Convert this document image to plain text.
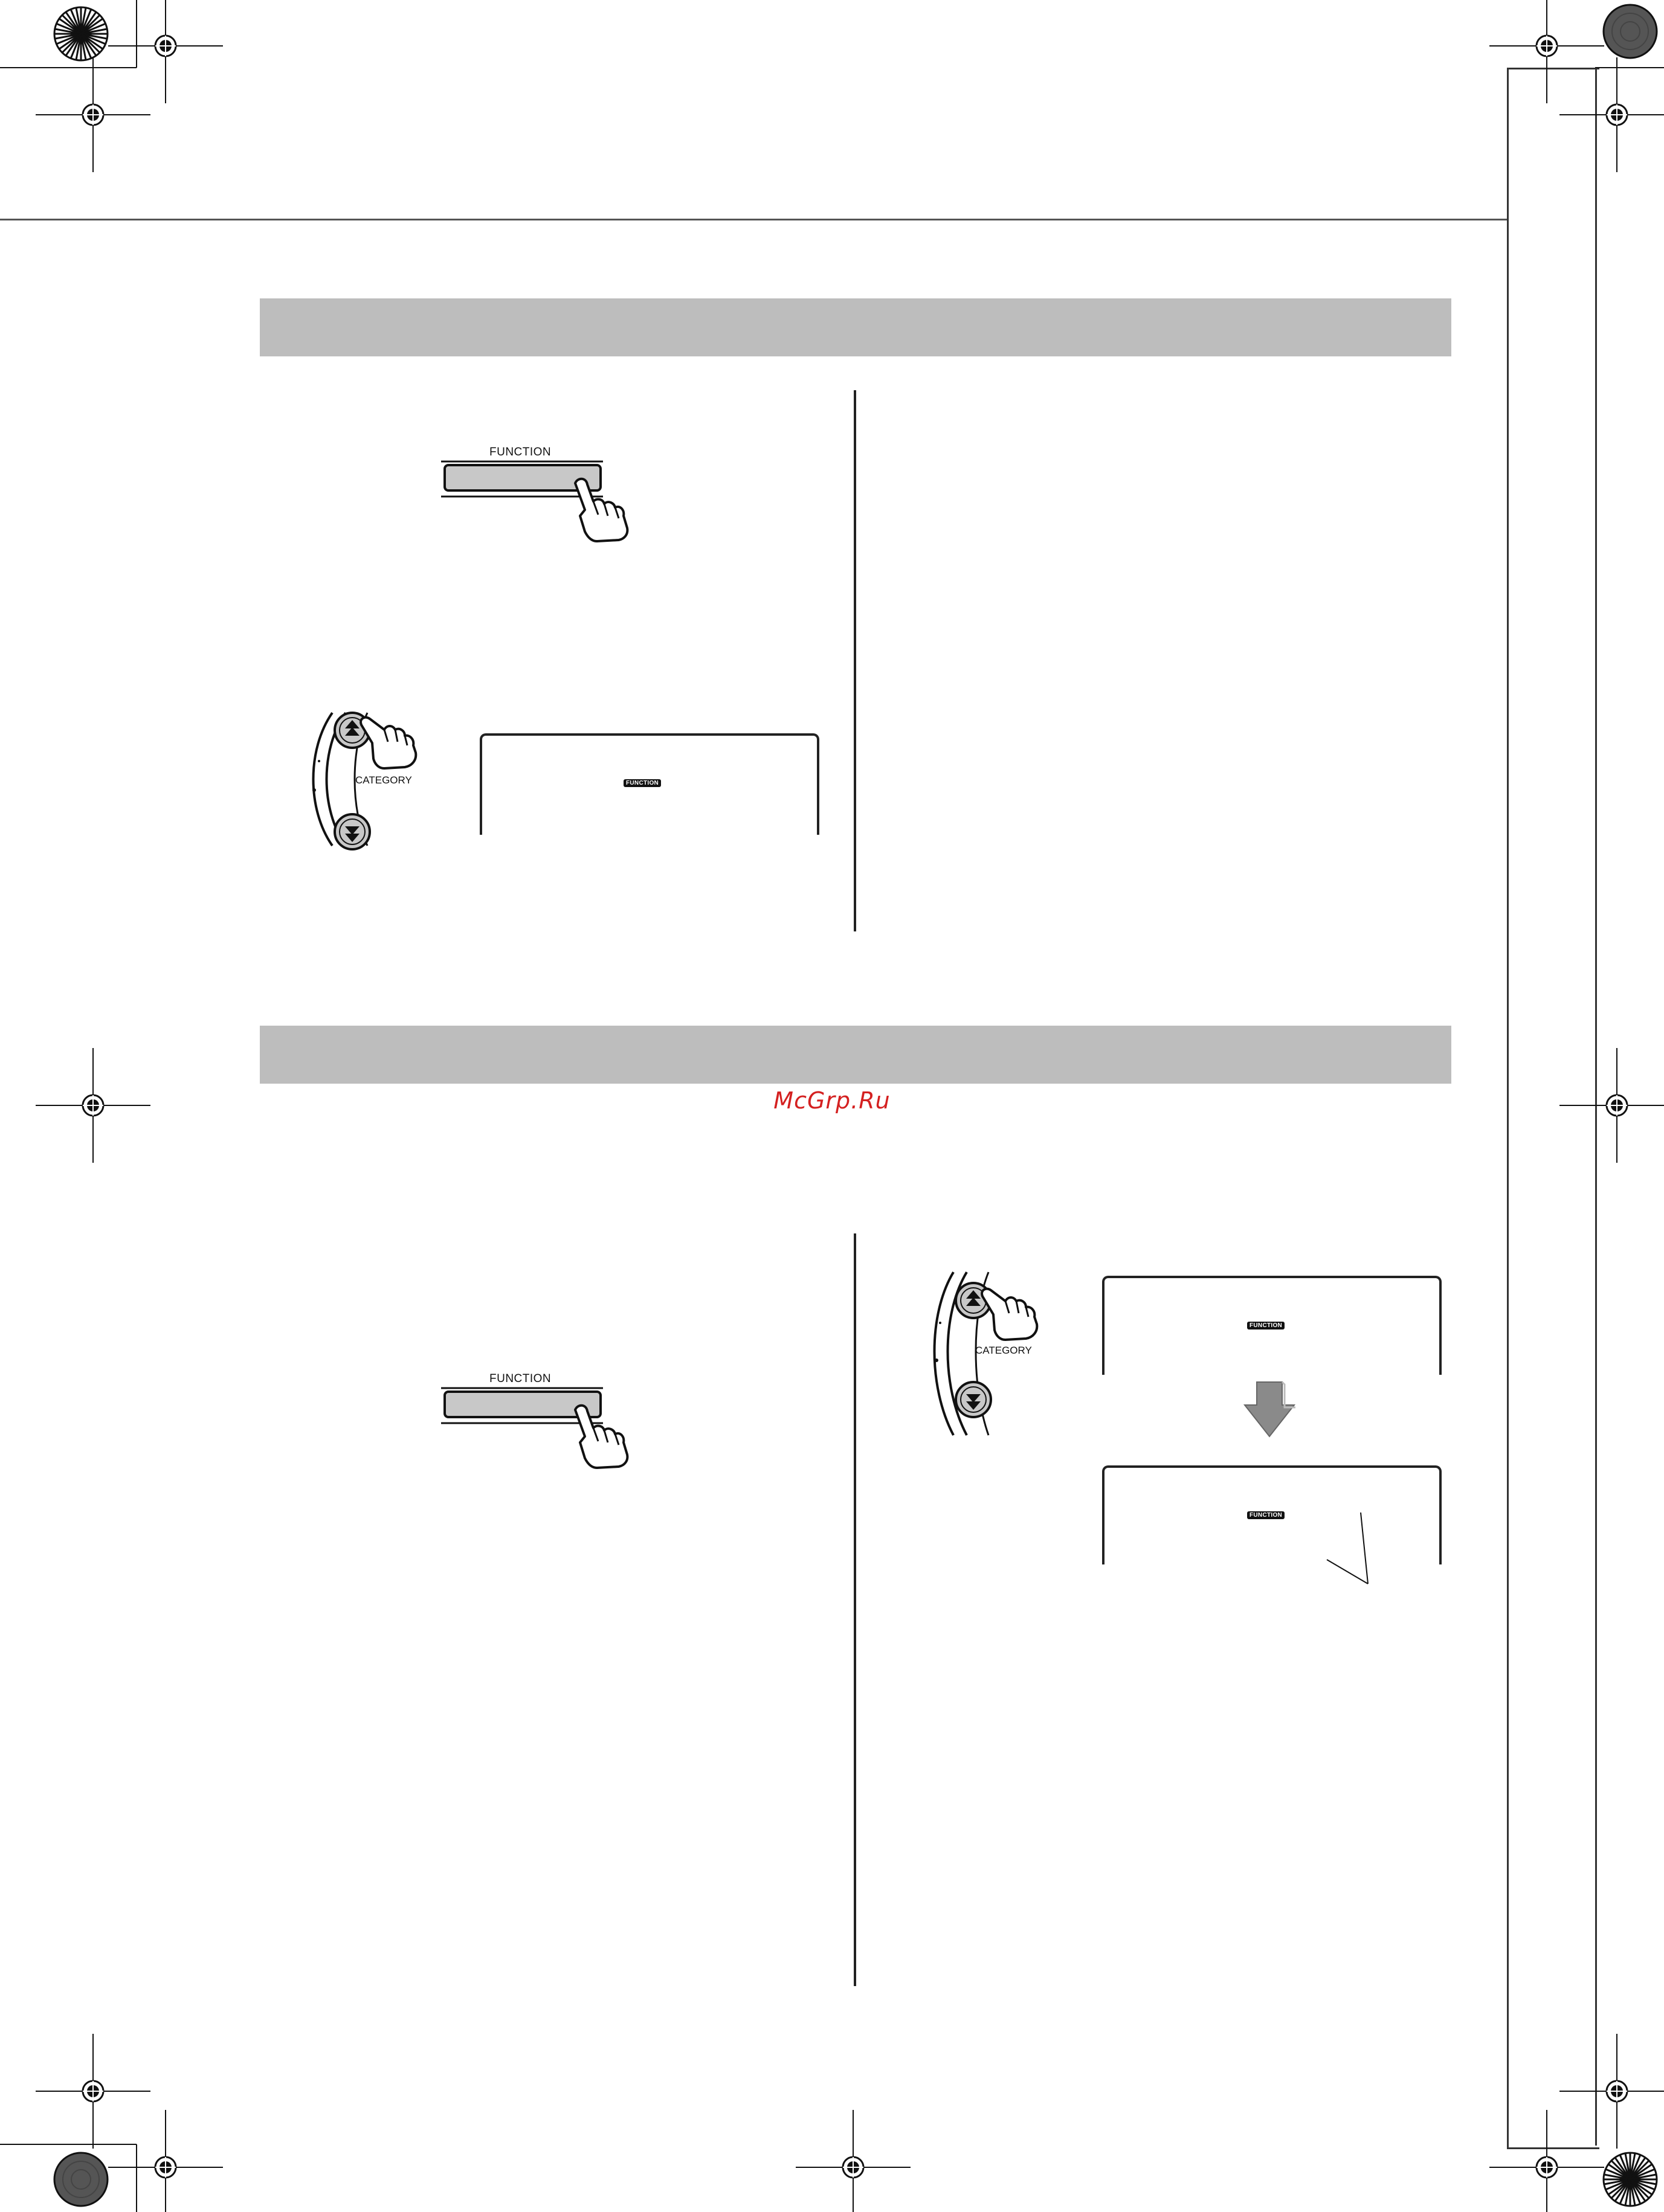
McGrp.Ru
FUNCTION
CATEGORY	FUNCTION
FUNCTION
CATEGORY
FUNCTION
FUNCTION
